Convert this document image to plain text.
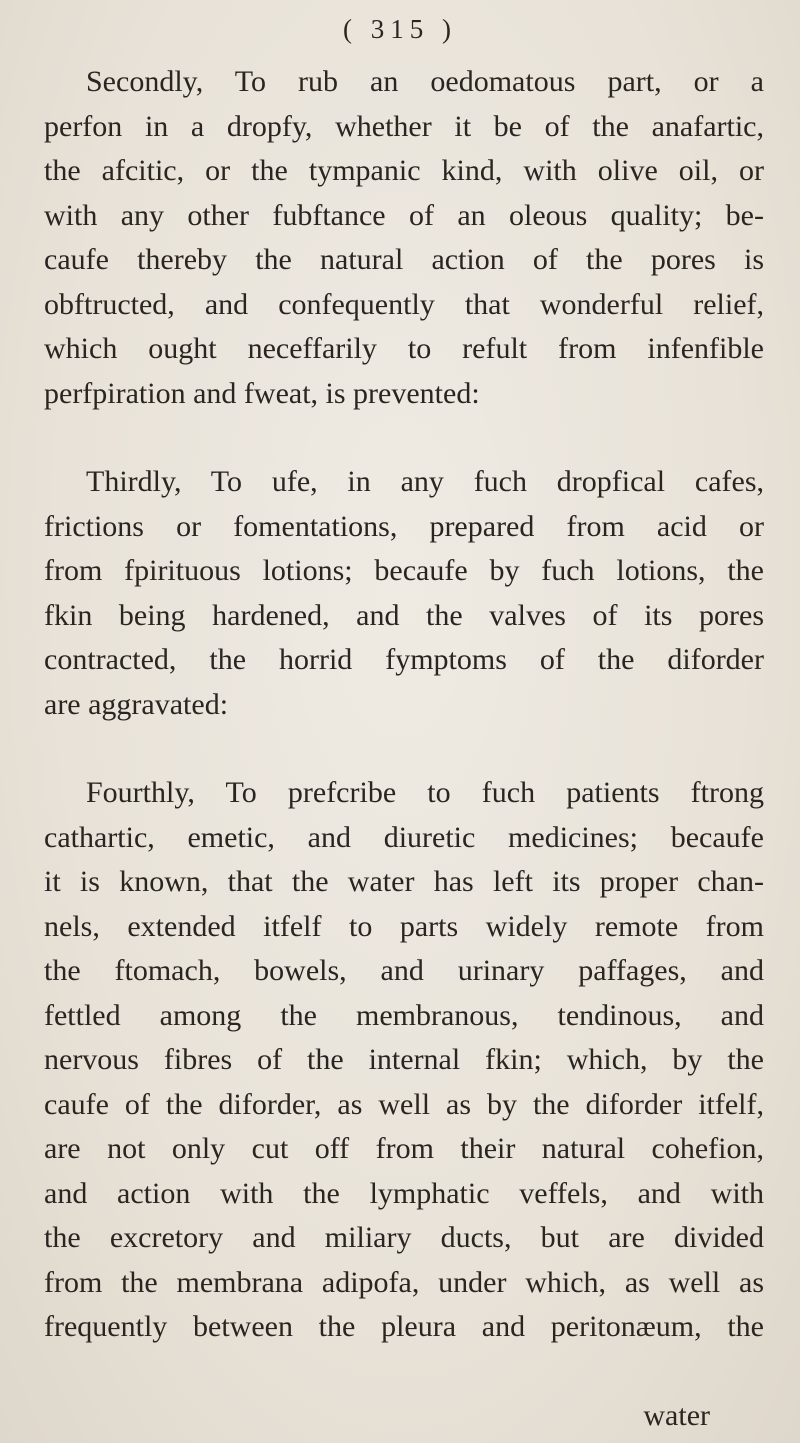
( 315 )
Secondly, To rub an oedomatous part, or a
perfon in a dropfy, whether it be of the anafartic,
the afcitic, or the tympanic kind, with olive oil, or
with any other fubftance of an oleous quality; be-
caufe thereby the natural action of the pores is
obftructed, and confequently that wonderful relief,
which ought neceffarily to refult from infenfible
perfpiration and fweat, is prevented:
Thirdly, To ufe, in any fuch dropfical cafes,
frictions or fomentations, prepared from acid or
from fpirituous lotions; becaufe by fuch lotions, the
fkin being hardened, and the valves of its pores
contracted, the horrid fymptoms of the diforder
are aggravated:
Fourthly, To prefcribe to fuch patients ftrong
cathartic, emetic, and diuretic medicines; becaufe
it is known, that the water has left its proper chan-
nels, extended itfelf to parts widely remote from
the ftomach, bowels, and urinary paffages, and
fettled among the membranous, tendinous, and
nervous fibres of the internal fkin; which, by the
caufe of the diforder, as well as by the diforder itfelf,
are not only cut off from their natural cohefion,
and action with the lymphatic veffels, and with
the excretory and miliary ducts, but are divided
from the membrana adipofa, under which, as well as
frequently between the pleura and peritonæum, the
water
